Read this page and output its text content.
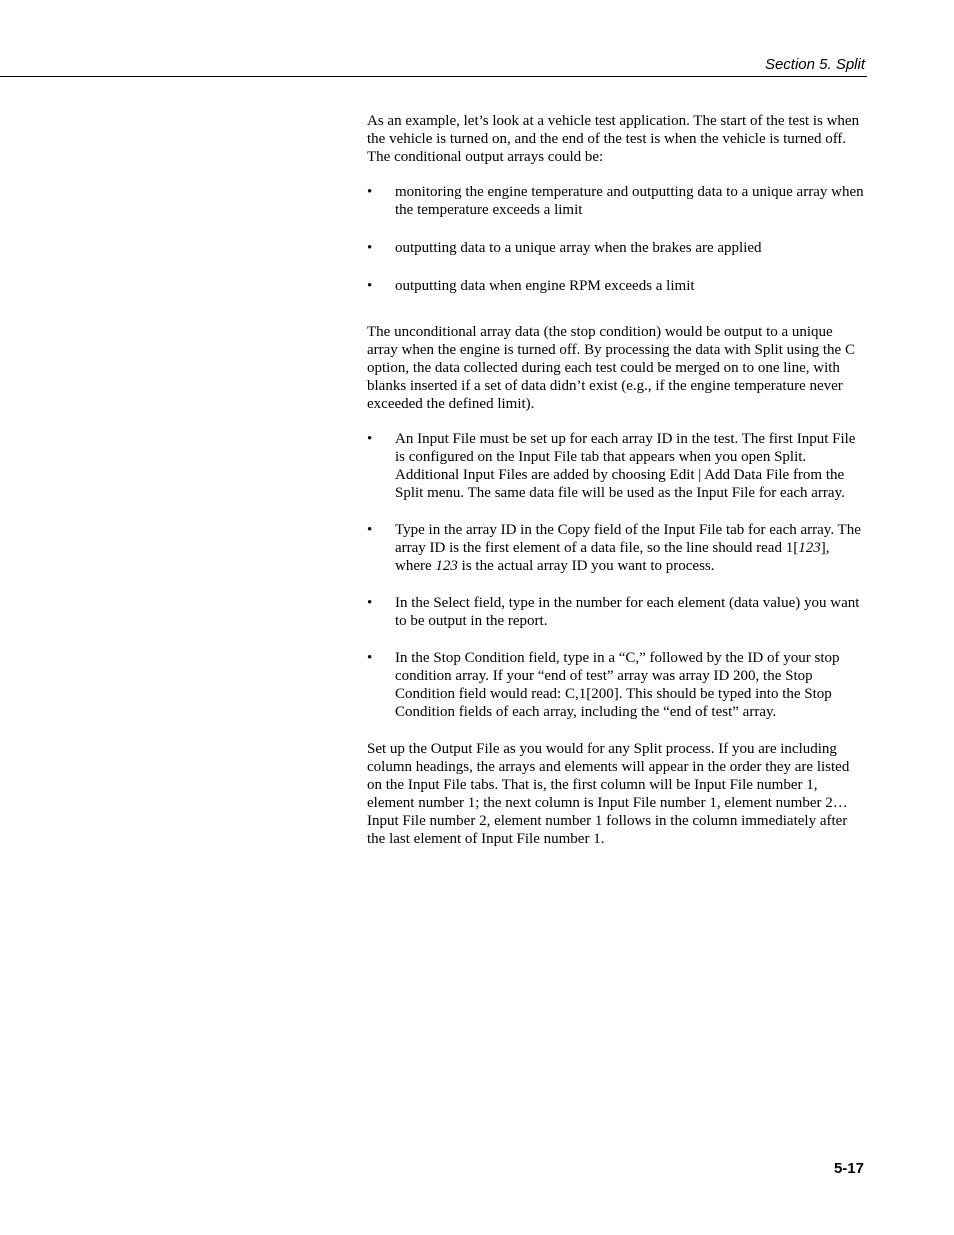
Section 5. Split

As an example, let’s look at a vehicle test application. The start of the test is when the vehicle is turned on, and the end of the test is when the vehicle is turned off. The conditional output arrays could be:

•	monitoring the engine temperature and outputting data to a unique array when the temperature exceeds a limit
•	outputting data to a unique array when the brakes are applied
•	outputting data when engine RPM exceeds a limit

The unconditional array data (the stop condition) would be output to a unique array when the engine is turned off. By processing the data with Split using the C option, the data collected during each test could be merged on to one line, with blanks inserted if a set of data didn’t exist (e.g., if the engine temperature never exceeded the defined limit).

•	An Input File must be set up for each array ID in the test. The first Input File is configured on the Input File tab that appears when you open Split. Additional Input Files are added by choosing Edit | Add Data File from the Split menu. The same data file will be used as the Input File for each array.
•	Type in the array ID in the Copy field of the Input File tab for each array. The array ID is the first element of a data file, so the line should read 1[123], where 123 is the actual array ID you want to process.
•	In the Select field, type in the number for each element (data value) you want to be output in the report.
•	In the Stop Condition field, type in a “C,” followed by the ID of your stop condition array. If your “end of test” array was array ID 200, the Stop Condition field would read: C,1[200]. This should be typed into the Stop Condition fields of each array, including the “end of test” array.

Set up the Output File as you would for any Split process. If you are including column headings, the arrays and elements will appear in the order they are listed on the Input File tabs. That is, the first column will be Input File number 1, element number 1; the next column is Input File number 1, element number 2… Input File number 2, element number 1 follows in the column immediately after the last element of Input File number 1.

5-17
